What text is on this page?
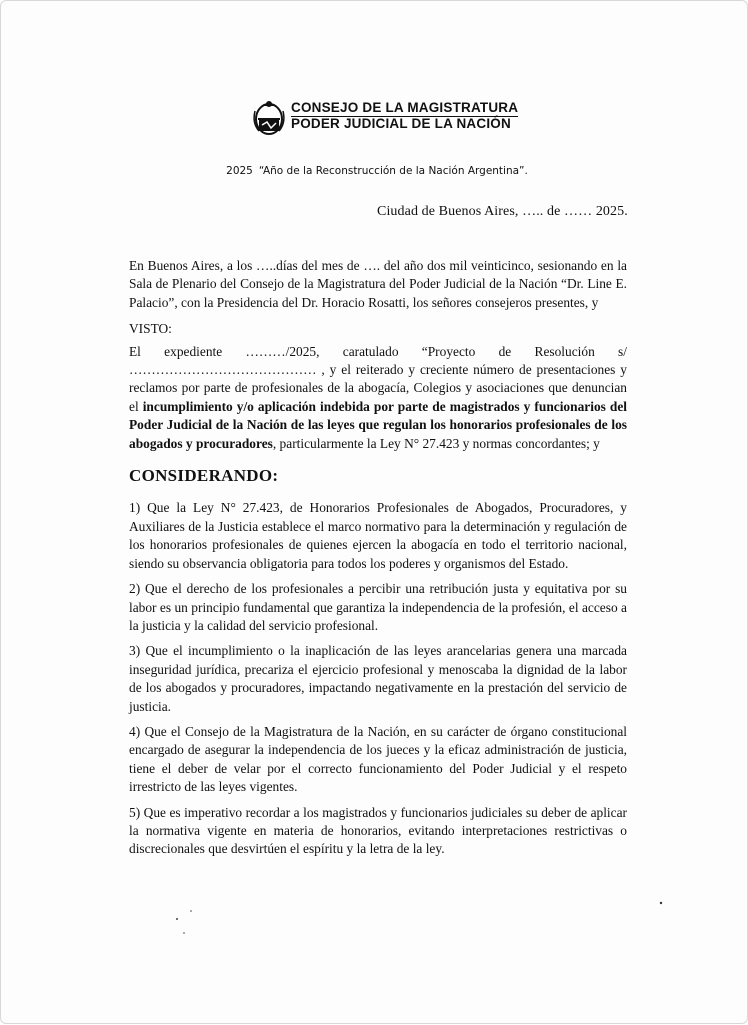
CONSEJO DE LA MAGISTRATURA
PODER JUDICIAL DE LA NACIÓN
2025 “Año de la Reconstrucción de la Nación Argentina”.
Ciudad de Buenos Aires, ….. de …… 2025.

En Buenos Aires, a los …..días del mes de …. del año dos mil veinticinco, sesionando en la Sala de Plenario del Consejo de la Magistratura del Poder Judicial de la Nación “Dr. Line E. Palacio”, con la Presidencia del Dr. Horacio Rosatti, los señores consejeros presentes, y

VISTO:

El expediente ………/2025, caratulado “Proyecto de Resolución s/ …………………………………… , y el reiterado y creciente número de presentaciones y reclamos por parte de profesionales de la abogacía, Colegios y asociaciones que denuncian el incumplimiento y/o aplicación indebida por parte de magistrados y funcionarios del Poder Judicial de la Nación de las leyes que regulan los honorarios profesionales de los abogados y procuradores, particularmente la Ley N° 27.423 y normas concordantes; y

CONSIDERANDO:

1) Que la Ley N° 27.423, de Honorarios Profesionales de Abogados, Procuradores, y Auxiliares de la Justicia establece el marco normativo para la determinación y regulación de los honorarios profesionales de quienes ejercen la abogacía en todo el territorio nacional, siendo su observancia obligatoria para todos los poderes y organismos del Estado.

2) Que el derecho de los profesionales a percibir una retribución justa y equitativa por su labor es un principio fundamental que garantiza la independencia de la profesión, el acceso a la justicia y la calidad del servicio profesional.

3) Que el incumplimiento o la inaplicación de las leyes arancelarias genera una marcada inseguridad jurídica, precariza el ejercicio profesional y menoscaba la dignidad de la labor de los abogados y procuradores, impactando negativamente en la prestación del servicio de justicia.

4) Que el Consejo de la Magistratura de la Nación, en su carácter de órgano constitucional encargado de asegurar la independencia de los jueces y la eficaz administración de justicia, tiene el deber de velar por el correcto funcionamiento del Poder Judicial y el respeto irrestricto de las leyes vigentes.

5) Que es imperativo recordar a los magistrados y funcionarios judiciales su deber de aplicar la normativa vigente en materia de honorarios, evitando interpretaciones restrictivas o discrecionales que desvirtúen el espíritu y la letra de la ley.
